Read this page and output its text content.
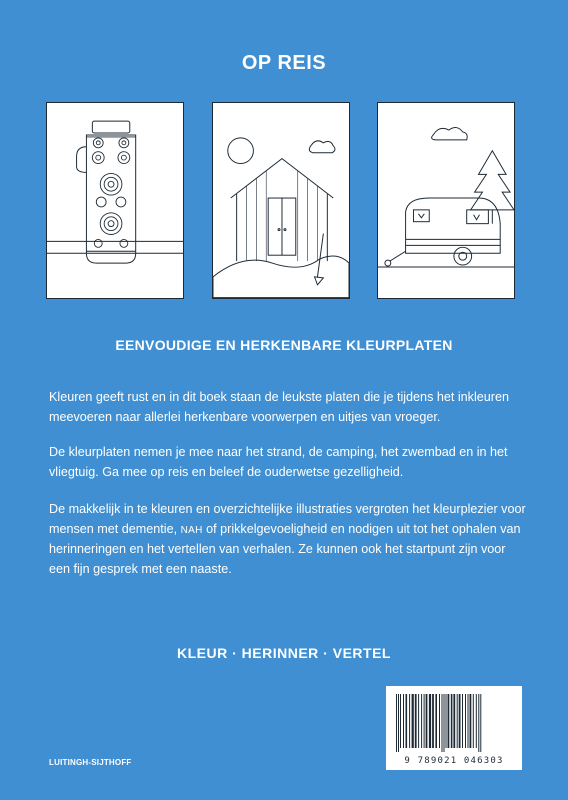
OP REIS
EENVOUDIGE EN HERKENBARE KLEURPLATEN

Kleuren geeft rust en in dit boek staan de leukste platen die je tijdens het inkleuren meevoeren naar allerlei herkenbare voorwerpen en uitjes van vroeger.

De kleurplaten nemen je mee naar het strand, de camping, het zwembad en in het vliegtuig. Ga mee op reis en beleef de ouderwetse gezelligheid.

De makkelijk in te kleuren en overzichtelijke illustraties vergroten het kleurplezier voor mensen met dementie, NAH of prikkelgevoeligheid en nodigen uit tot het ophalen van herinneringen en het vertellen van verhalen. Ze kunnen ook het startpunt zijn voor een fijn gesprek met een naaste.

KLEUR · HERINNER · VERTEL
LUITINGH-SIJTHOFF	9 789021 046303
